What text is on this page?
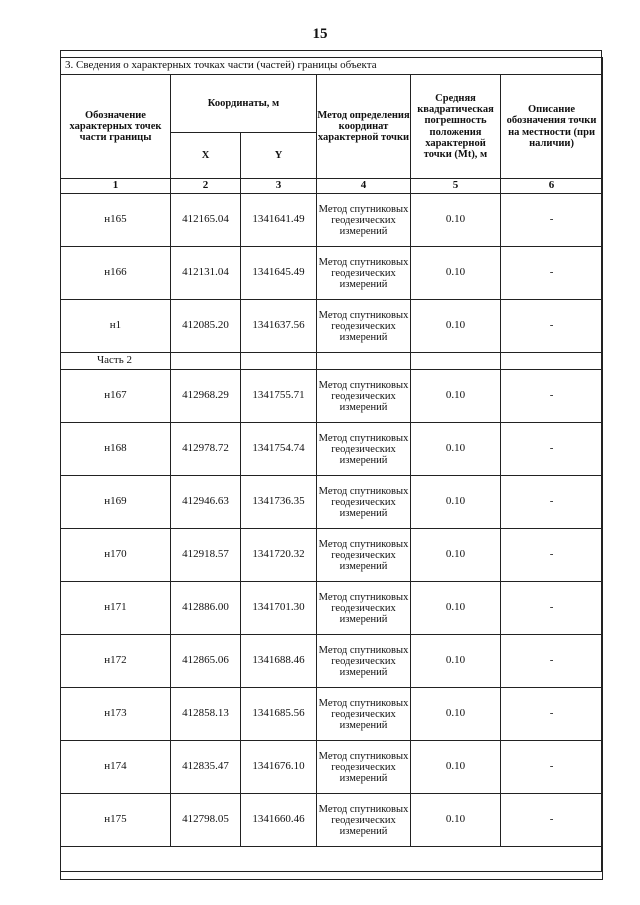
15
3. Сведения о характерных точках части (частей) границы объекта					
Обозначение характерных точек части границы	Координаты, м		Метод определения координат характерной точки	Средняя квадратическая погрешность положения характерной точки (Mt), м	Описание обозначения точки на местности (при наличии)
	X	Y			
1	2	3	4	5	6
н165	412165.04	1341641.49	Метод спутниковых геодезических измерений	0.10	-
н166	412131.04	1341645.49	Метод спутниковых геодезических измерений	0.10	-
н1	412085.20	1341637.56	Метод спутниковых геодезических измерений	0.10	-
Часть 2					
н167	412968.29	1341755.71	Метод спутниковых геодезических измерений	0.10	-
н168	412978.72	1341754.74	Метод спутниковых геодезических измерений	0.10	-
н169	412946.63	1341736.35	Метод спутниковых геодезических измерений	0.10	-
н170	412918.57	1341720.32	Метод спутниковых геодезических измерений	0.10	-
н171	412886.00	1341701.30	Метод спутниковых геодезических измерений	0.10	-
н172	412865.06	1341688.46	Метод спутниковых геодезических измерений	0.10	-
н173	412858.13	1341685.56	Метод спутниковых геодезических измерений	0.10	-
н174	412835.47	1341676.10	Метод спутниковых геодезических измерений	0.10	-
н175	412798.05	1341660.46	Метод спутниковых геодезических измерений	0.10	-
